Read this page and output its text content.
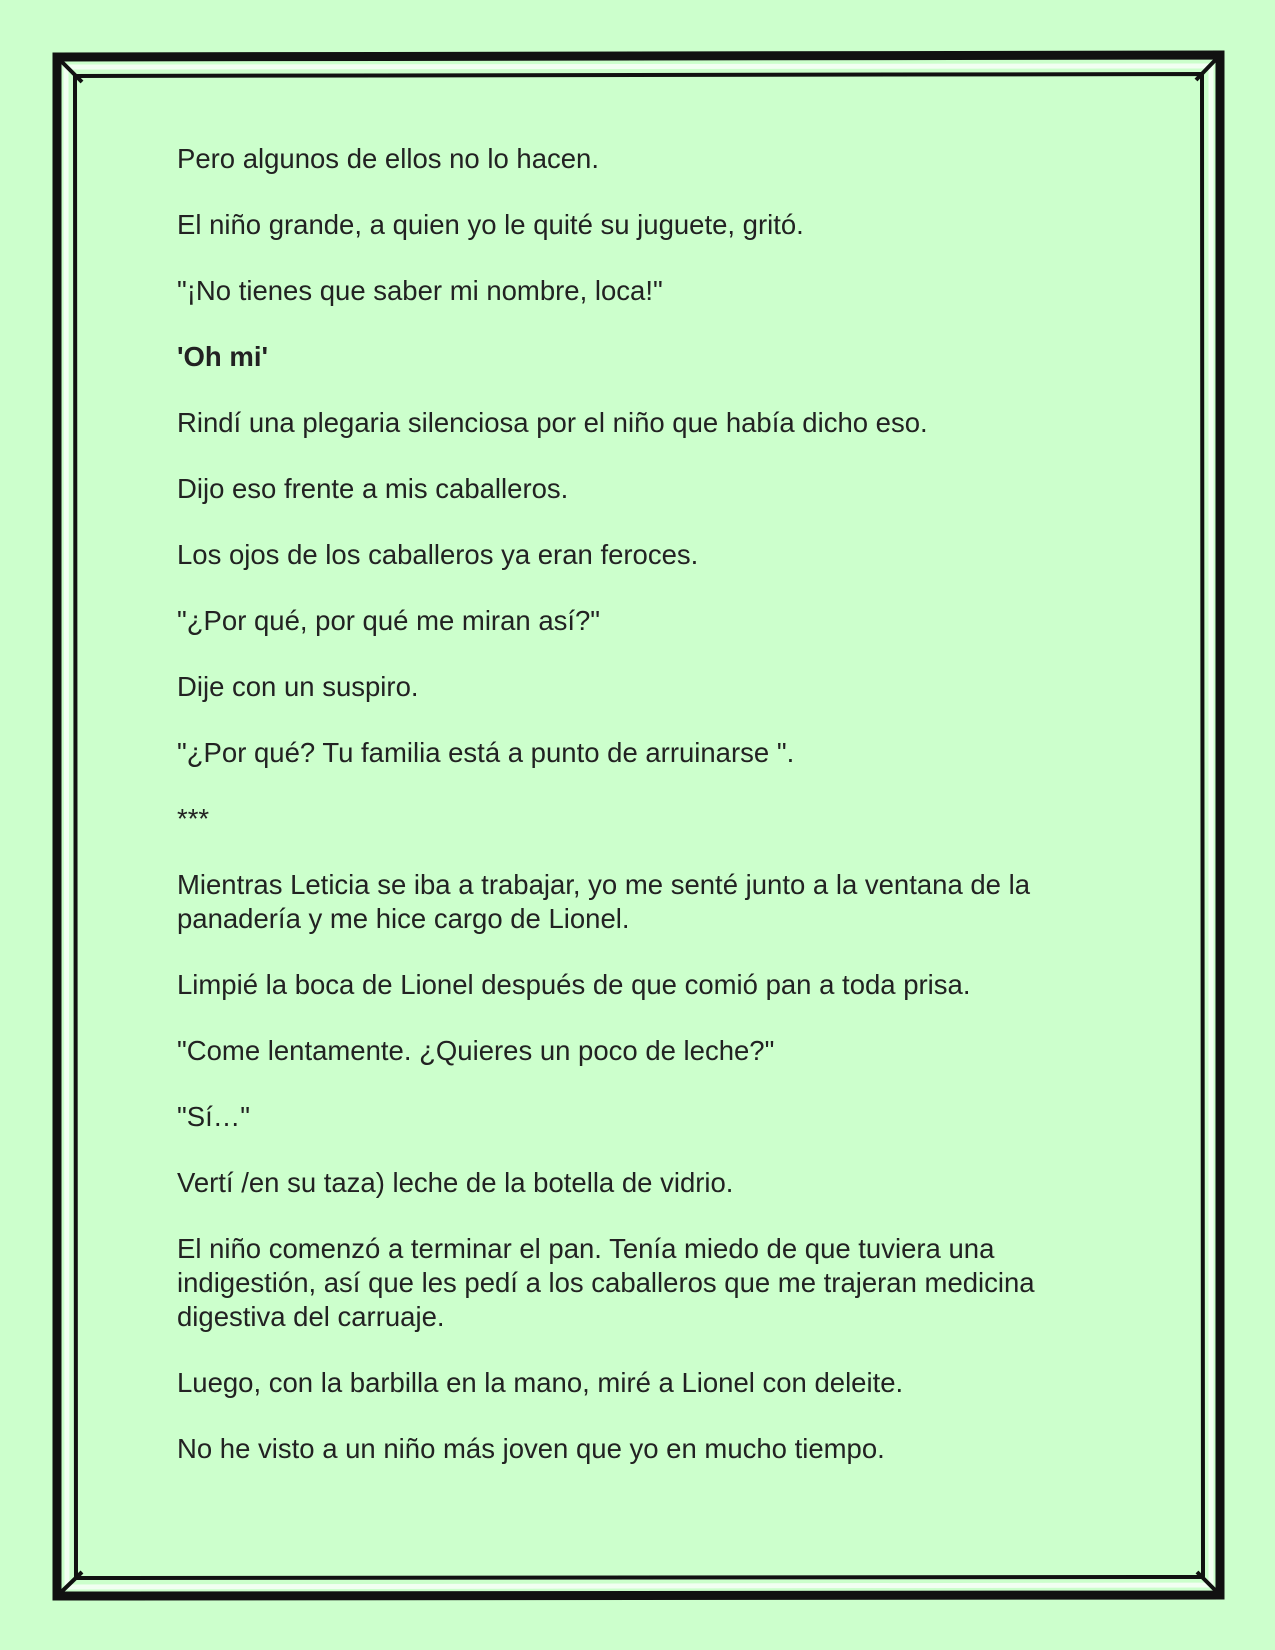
Pero algunos de ellos no lo hacen.

El niño grande, a quien yo le quité su juguete, gritó.

"¡No tienes que saber mi nombre, loca!"

'Oh mi'

Rindí una plegaria silenciosa por el niño que había dicho eso.

Dijo eso frente a mis caballeros.

Los ojos de los caballeros ya eran feroces.

"¿Por qué, por qué me miran así?"

Dije con un suspiro.

"¿Por qué? Tu familia está a punto de arruinarse ".

***

Mientras Leticia se iba a trabajar, yo me senté junto a la ventana de la panadería y me hice cargo de Lionel.

Limpié la boca de Lionel después de que comió pan a toda prisa.

"Come lentamente. ¿Quieres un poco de leche?"

"Sí…"

Vertí /en su taza) leche de la botella de vidrio.

El niño comenzó a terminar el pan. Tenía miedo de que tuviera una indigestión, así que les pedí a los caballeros que me trajeran medicina digestiva del carruaje.

Luego, con la barbilla en la mano, miré a Lionel con deleite.

No he visto a un niño más joven que yo en mucho tiempo.
